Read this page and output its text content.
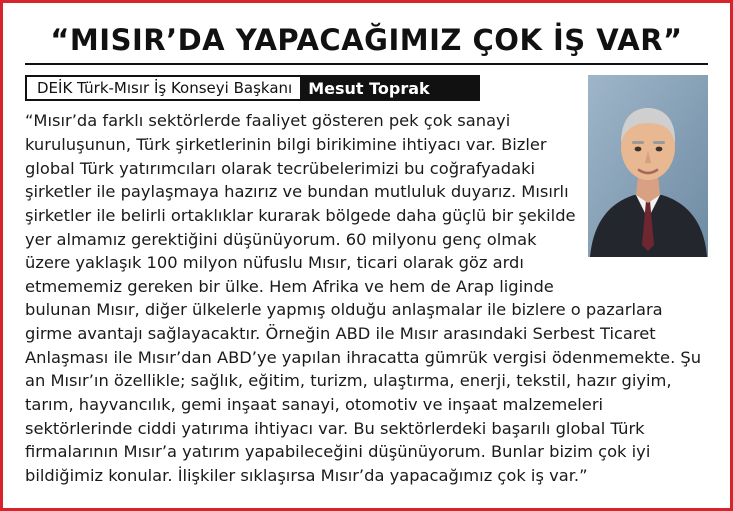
“MISIR’DA YAPACAĞIMIZ ÇOK İŞ VAR”
DEİK Türk-Mısır İş Konseyi Başkanı	Mesut Toprak

“Mısır’da farklı sektörlerde faaliyet gösteren pek çok sanayi kuruluşunun, Türk şirketlerinin bilgi birikimine ihtiyacı var. Bizler global Türk yatırımcıları olarak tecrübelerimizi bu coğrafyadaki şirketler ile paylaşmaya hazırız ve bundan mutluluk duyarız. Mısırlı şirketler ile belirli ortaklıklar kurarak bölgede daha güçlü bir şekilde yer almamız gerektiğini düşünüyorum. 60 milyonu genç olmak üzere yaklaşık 100 milyon nüfuslu Mısır, ticari olarak göz ardı etmememiz gereken bir ülke. Hem Afrika ve hem de Arap liginde bulunan Mısır, diğer ülkelerle yapmış olduğu anlaşmalar ile bizlere o pazarlara girme avantajı sağlayacaktır. Örneğin ABD ile Mısır arasındaki Serbest Ticaret Anlaşması ile Mısır’dan ABD’ye yapılan ihracatta gümrük vergisi ödenmemekte. Şu an Mısır’ın özellikle; sağlık, eğitim, turizm, ulaştırma, enerji, tekstil, hazır giyim, tarım, hayvancılık, gemi inşaat sanayi, otomotiv ve inşaat malzemeleri sektörlerinde ciddi yatırıma ihtiyacı var. Bu sektörlerdeki başarılı global Türk firmalarının Mısır’a yatırım yapabileceğini düşünüyorum. Bunlar bizim çok iyi bildiğimiz konular. İlişkiler sıklaşırsa Mısır’da yapacağımız çok iş var.”
